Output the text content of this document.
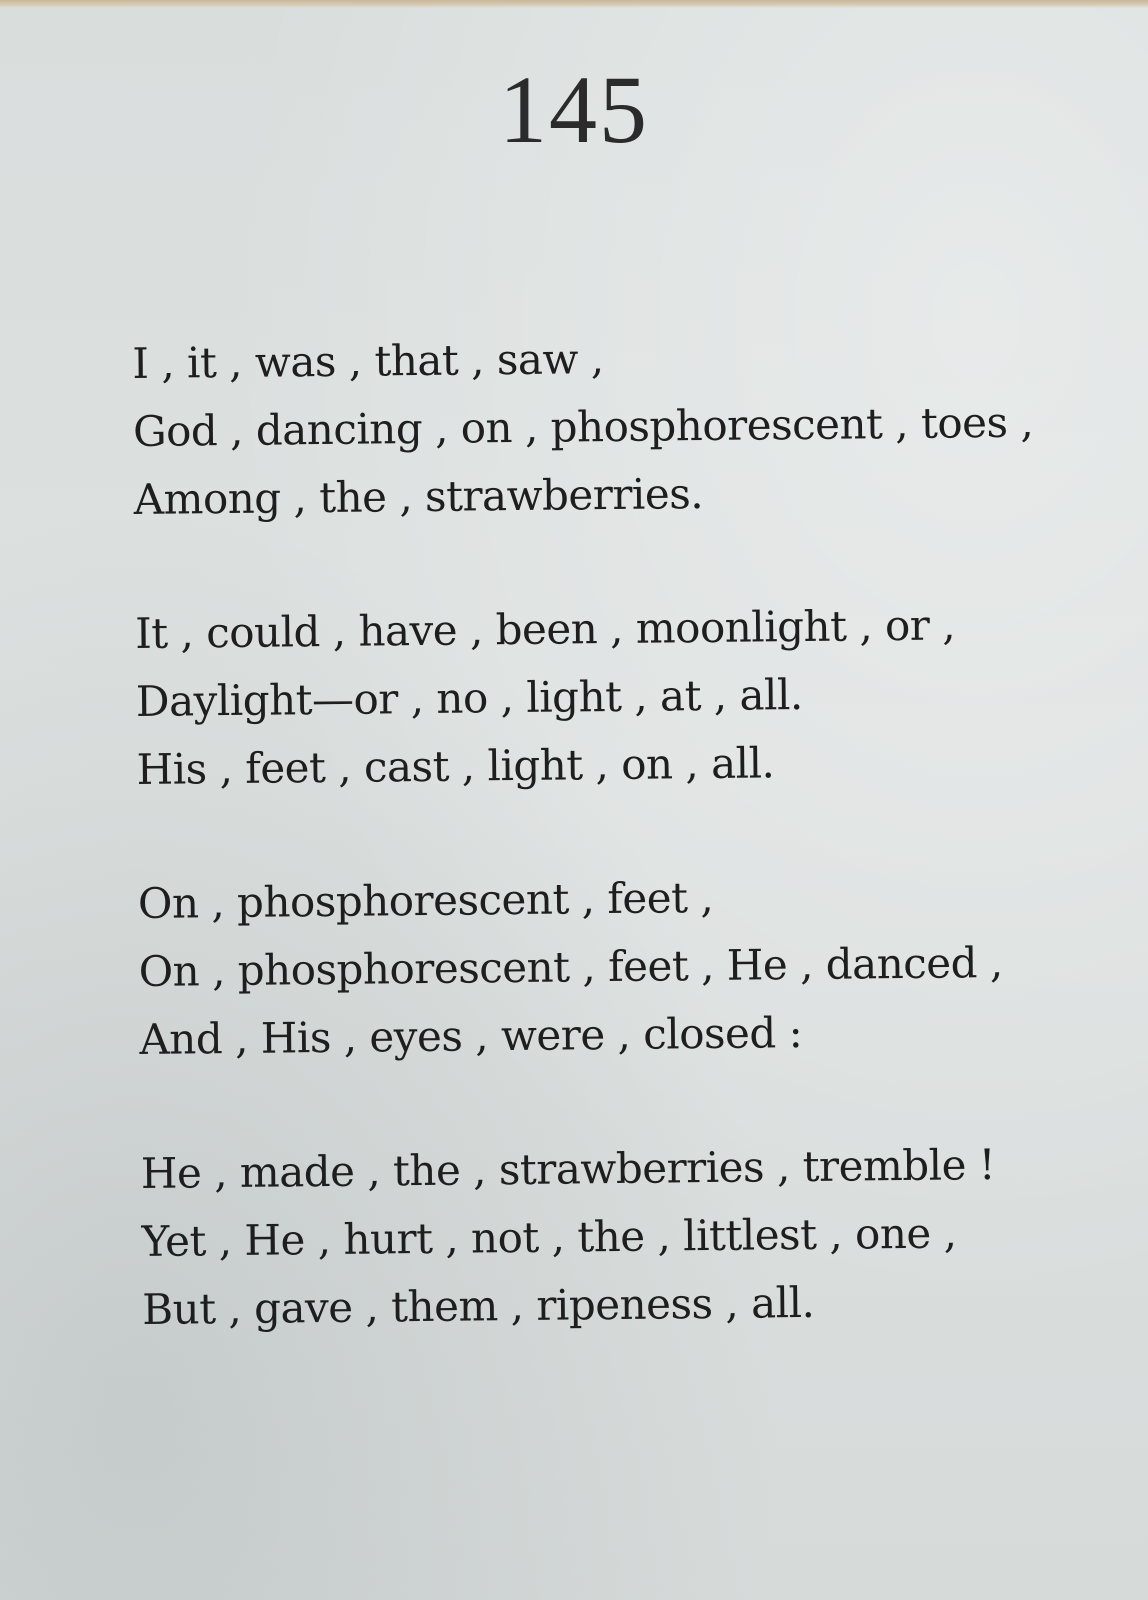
145
I , it , was , that , saw ,
God , dancing , on , phosphorescent , toes ,
Among , the , strawberries.
It , could , have , been , moonlight , or ,
Daylight—or , no , light , at , all.
His , feet , cast , light , on , all.
On , phosphorescent , feet ,
On , phosphorescent , feet , He , danced ,
And , His , eyes , were , closed :
He , made , the , strawberries , tremble !
Yet , He , hurt , not , the , littlest , one ,
But , gave , them , ripeness , all.
